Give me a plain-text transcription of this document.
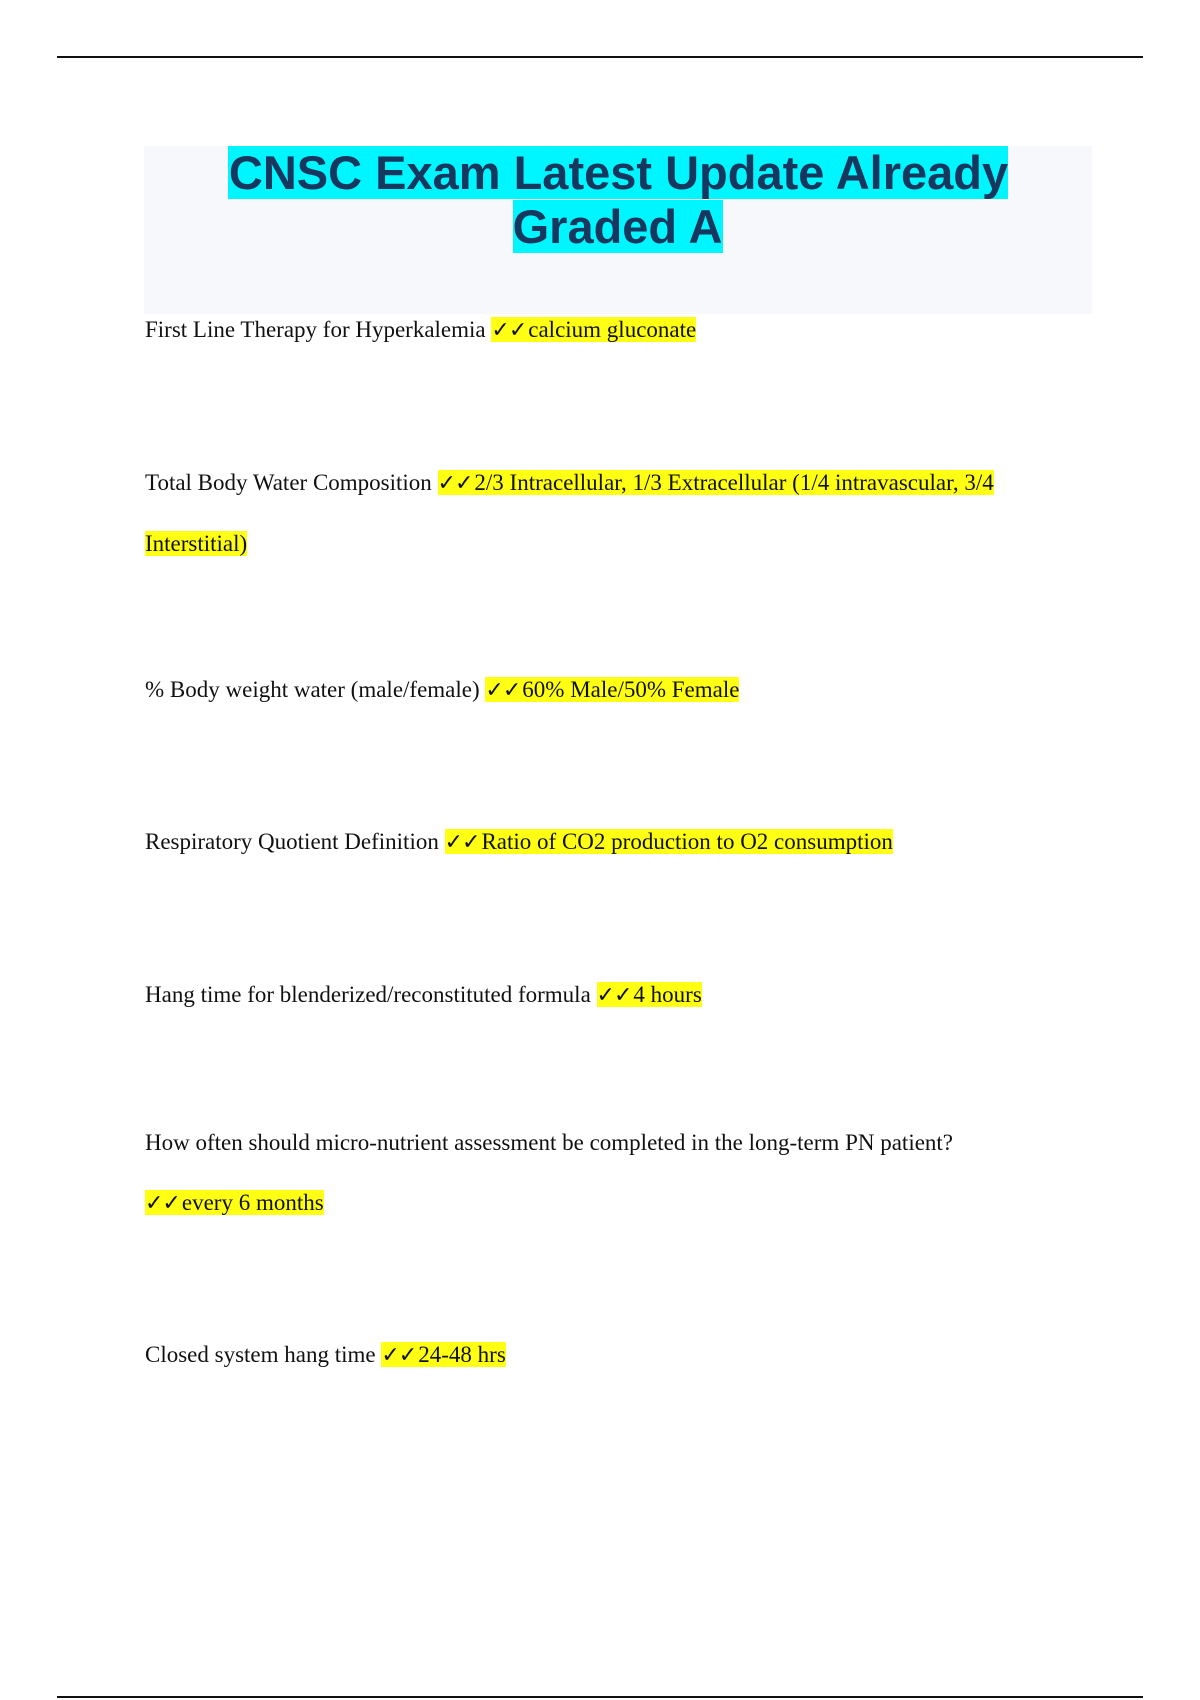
CNSC Exam Latest Update Already Graded A

First Line Therapy for Hyperkalemia ✓✓calcium gluconate

Total Body Water Composition ✓✓2/3 Intracellular, 1/3 Extracellular (1/4 intravascular, 3/4
Interstitial)

% Body weight water (male/female) ✓✓60% Male/50% Female

Respiratory Quotient Definition ✓✓Ratio of CO2 production to O2 consumption

Hang time for blenderized/reconstituted formula ✓✓4 hours

How often should micro-nutrient assessment be completed in the long-term PN patient?
✓✓every 6 months

Closed system hang time ✓✓24-48 hrs
